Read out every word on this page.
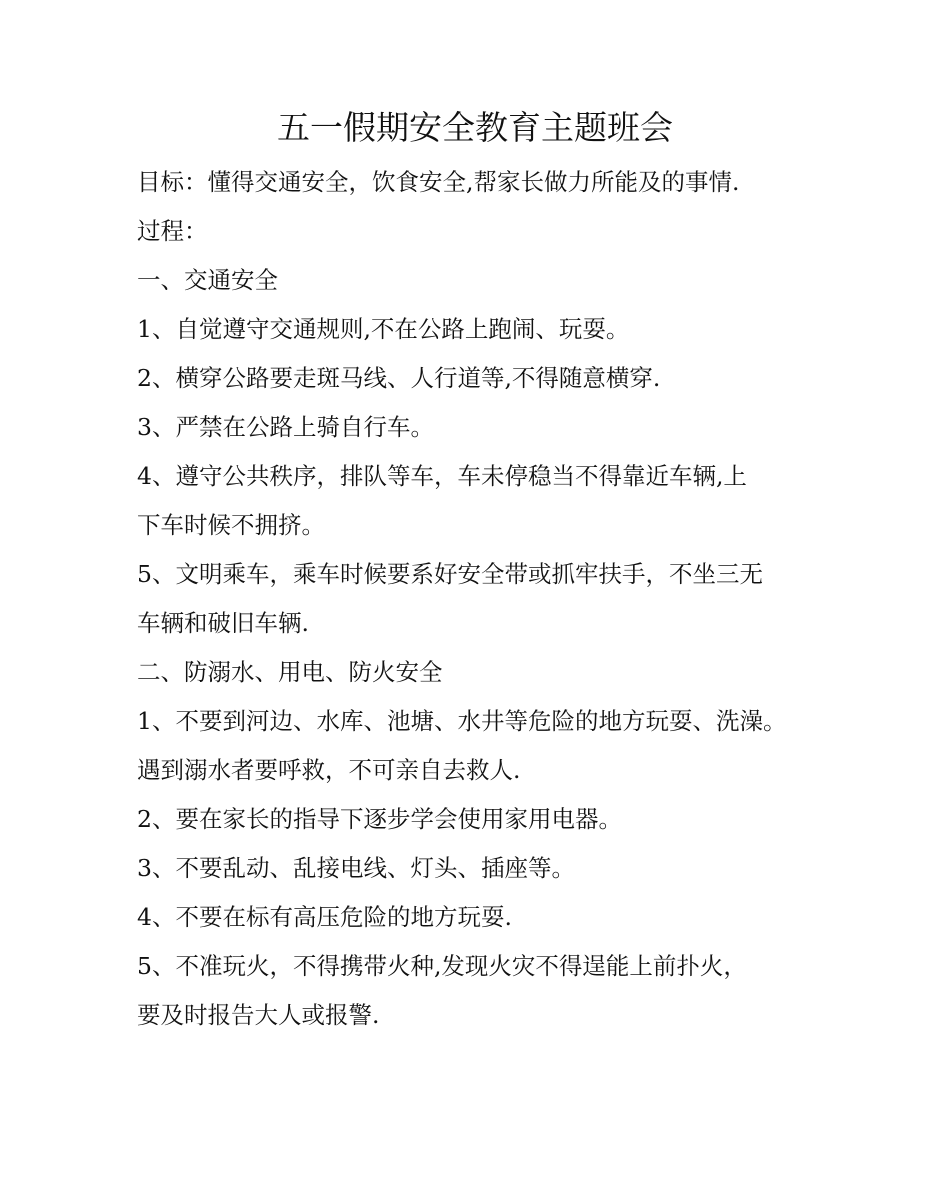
五一假期安全教育主题班会
目标：懂得交通安全，饮食安全,帮家长做力所能及的事情.
过程：
一、交通安全
1、自觉遵守交通规则,不在公路上跑闹、玩耍。
2、横穿公路要走斑马线、人行道等,不得随意横穿.
3、严禁在公路上骑自行车。
4、遵守公共秩序，排队等车，车未停稳当不得靠近车辆,上
下车时候不拥挤。
5、文明乘车，乘车时候要系好安全带或抓牢扶手，不坐三无
车辆和破旧车辆.
二、防溺水、用电、防火安全
1、不要到河边、水库、池塘、水井等危险的地方玩耍、洗澡。
遇到溺水者要呼救，不可亲自去救人.
2、要在家长的指导下逐步学会使用家用电器。
3、不要乱动、乱接电线、灯头、插座等。
4、不要在标有高压危险的地方玩耍.
5、不准玩火，不得携带火种,发现火灾不得逞能上前扑火，
要及时报告大人或报警.
